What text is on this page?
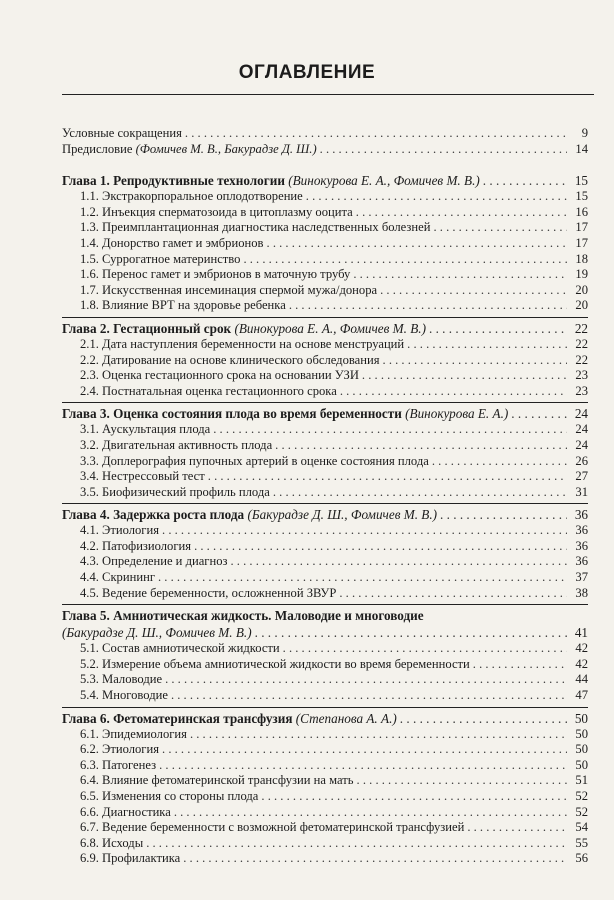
ОГЛАВЛЕНИЕ
Условные сокращения . . .	9
Предисловие (Фомичев М. В., Бакурадзе Д. Ш.) . . .	14
Глава 1. Репродуктивные технологии (Винокурова Е. А., Фомичев М. В.) . . .	15
1.1. Экстракорпоральное оплодотворение . . .	15
1.2. Инъекция сперматозоида в цитоплазму ооцита . . .	16
1.3. Преимплантационная диагностика наследственных болезней . . .	17
1.4. Донорство гамет и эмбрионов . . .	17
1.5. Суррогатное материнство . . .	18
1.6. Перенос гамет и эмбрионов в маточную трубу . . .	19
1.7. Искусственная инсеминация спермой мужа/донора . . .	20
1.8. Влияние ВРТ на здоровье ребенка . . .	20
Глава 2. Гестационный срок (Винокурова Е. А., Фомичев М. В.) . . .	22
2.1. Дата наступления беременности на основе менструаций . . .	22
2.2. Датирование на основе клинического обследования . . .	22
2.3. Оценка гестационного срока на основании УЗИ . . .	23
2.4. Постнатальная оценка гестационного срока . . .	23
Глава 3. Оценка состояния плода во время беременности (Винокурова Е. А.) . . .	24
3.1. Аускультация плода . . .	24
3.2. Двигательная активность плода . . .	24
3.3. Доплерография пупочных артерий в оценке состояния плода . . .	26
3.4. Нестрессовый тест . . .	27
3.5. Биофизический профиль плода . . .	31
Глава 4. Задержка роста плода (Бакурадзе Д. Ш., Фомичев М. В.) . . .	36
4.1. Этиология . . .	36
4.2. Патофизиология . . .	36
4.3. Определение и диагноз . . .	36
4.4. Скрининг . . .	37
4.5. Ведение беременности, осложненной ЗВУР . . .	38
Глава 5. Амниотическая жидкость. Маловодие и многоводие
(Бакурадзе Д. Ш., Фомичев М. В.) . . .	41
5.1. Состав амниотической жидкости . . .	42
5.2. Измерение объема амниотической жидкости во время беременности . . .	42
5.3. Маловодие . . .	44
5.4. Многоводие . . .	47
Глава 6. Фетоматеринская трансфузия (Степанова А. А.) . . .	50
6.1. Эпидемиология . . .	50
6.2. Этиология . . .	50
6.3. Патогенез . . .	50
6.4. Влияние фетоматеринской трансфузии на мать . . .	51
6.5. Изменения со стороны плода . . .	52
6.6. Диагностика . . .	52
6.7. Ведение беременности с возможной фетоматеринской трансфузией . . .	54
6.8. Исходы . . .	55
6.9. Профилактика . . .	56
